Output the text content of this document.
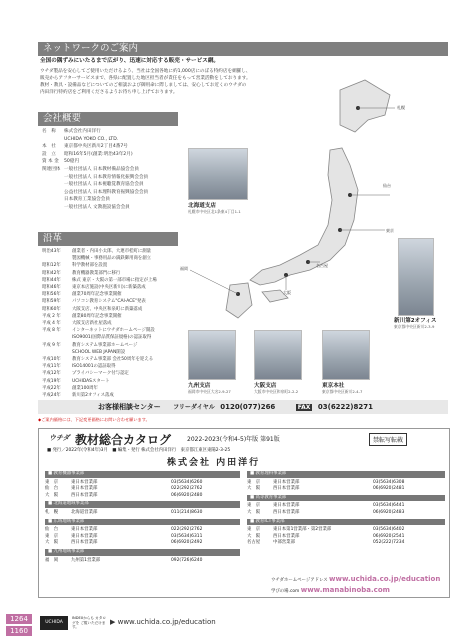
ネットワークのご案内
全国の隅ずみにいたるまで広がり、迅速に対応する販売・サービス網。
ウチダ製品を安心してご使用いただけるよう、当社は全国各地に約1,000店にのぼる特約店を網羅し、
販売からアフターサービスまで、各県に配置した地区担当者が責任をもって営業活動をしております。
教材・教具・設備品などについてのご相談および御用命に際しましては、安心してお近くのウチダの
内田洋行特約店をご利用くださるようお待ち申し上げております。
会社概要
名　称 株式会社内田洋行
UCHIDA YOKO CO., LTD.
本　社 東京都中央区新川2丁目4番7号
設　立 昭和16年5月(創業:明治43年2月)
資 本 金 50億円
関連団体 一般社団法人 日本教材備品協会会員
一般社団法人 日本教育情報化振興会会員
一般社団法人 日本視聴覚教育協会会員
公益社団法人 日本理科教育振興協会会員
日本教育工業協会会員
一般社団法人 文教施設協会会員
沿革
明治43年	創業者・内田小太郎、大連市桂町に測量
製図機械・事務用品の満鉄御用商を創立
昭和12年	科学教材部を設置
昭和42年	教育機器教業部門に移行
昭和44年	株式 東京・大阪の第一部市場に指定が上場
昭和46年	東京本店施設(中央区新川)に新築落成
昭和56年	創業70周年記念事業開催
昭和59年	パソコン教育システム"CAI-ACE"発表
昭和60年	大阪支店、中央区和泉町に新築落成
平成 2 年	創業80周年記念事業開催
平成 4 年	大阪支店新社屋落成
平成 8 年	インターネットにウチダホームページ開設
ISO9001(国際品質保証規格)の認証取得
平成 9 年	教育システム事業部ホームページ
SCHOOL WEB JAPAN開設
平成10年	教育システム事業部 会社50周年を迎える
平成11年	ISO14001の認証取得
平成12年	プライバシーマーク付与認定
平成19年	UCHIDASスタート
平成22年	創業100周年
平成24年	新川第2オフィス落成
札幌
仙台
東京
名古屋
大阪
福岡
北海道支店
札幌市中央区北1条東4丁目1-1
新川第2オフィス
東京都中央区新川2-3-9
九州支店
福岡市中央区大名2-9-27
大阪支店
大阪市中央区和泉町2-2-2
東京本社
東京都中央区新川2-4-7
お客様相談センター フリーダイヤル 0120(077)266	FAX 03(6222)8271
◆ご案内価格には、下記変更価格にお問い合わせ願います。
ウチダ 教材総合カタログ	2022-2023(令和4-5)年版 第91版	禁転写転載
■ 発行／2022年(令和4年)3月　■ 編集・発行 株式会社内田洋行　東京都江東区東陽2-3-25
株式会社 内田洋行
■ 教育機器事業部
東　京	東日本営業部	03(5634)6260
仙　台	東日本営業部	022(292)2762
大　阪	西日本営業部	06(6920)2480
■ 北海道地域事業部
札　幌	北海道営業部	011(214)8630
■ 広域地域事業部
仙　台	東日本営業部	022(292)2762
東　京	東日本営業部	03(5634)6311
大　阪	西日本営業部	06(6920)2492
■ 九州地域事業部
福　岡	九州第1営業部	092(726)6240
■ 教育理科事業部
東　京	東日本営業部	03(5634)6308
大　阪	西日本営業部	06(6920)2481
■ 高等教育事業部
東　京	東日本営業部	03(5634)6441
大　阪	西日本営業部	06(6920)2483
■ 教育ICT事業部
東　京	東日本第1営業部・第2営業部	03(5634)6402
大　阪	西日本営業部	06(6920)2541
名古屋	中部営業部	052(222)7234
ウチダホームページアドレス www.uchida.co.jp/education
学びの場.com www.manabinoba.com
1264
1160
UCHIDA
INDEXからも カタログを ご覧いただけます。
▶ www.uchida.co.jp/education
